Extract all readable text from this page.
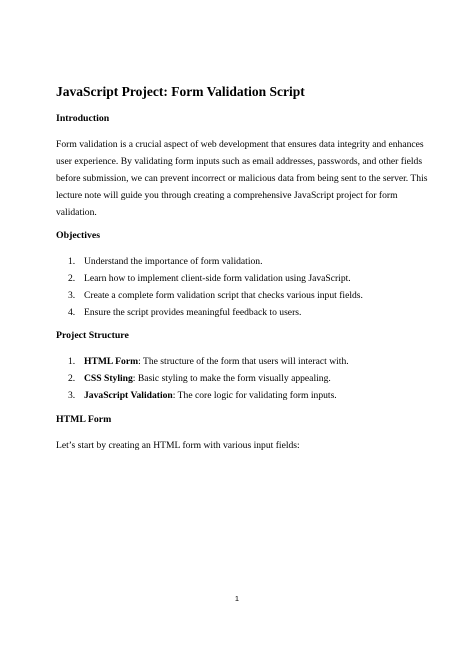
JavaScript Project: Form Validation Script
Introduction

Form validation is a crucial aspect of web development that ensures data integrity and enhances
user experience. By validating form inputs such as email addresses, passwords, and other fields
before submission, we can prevent incorrect or malicious data from being sent to the server. This
lecture note will guide you through creating a comprehensive JavaScript project for form
validation.

Objectives
1. Understand the importance of form validation.
2. Learn how to implement client-side form validation using JavaScript.
3. Create a complete form validation script that checks various input fields.
4. Ensure the script provides meaningful feedback to users.
Project Structure
1. HTML Form: The structure of the form that users will interact with.
2. CSS Styling: Basic styling to make the form visually appealing.
3. JavaScript Validation: The core logic for validating form inputs.
HTML Form

Let’s start by creating an HTML form with various input fields:

1
